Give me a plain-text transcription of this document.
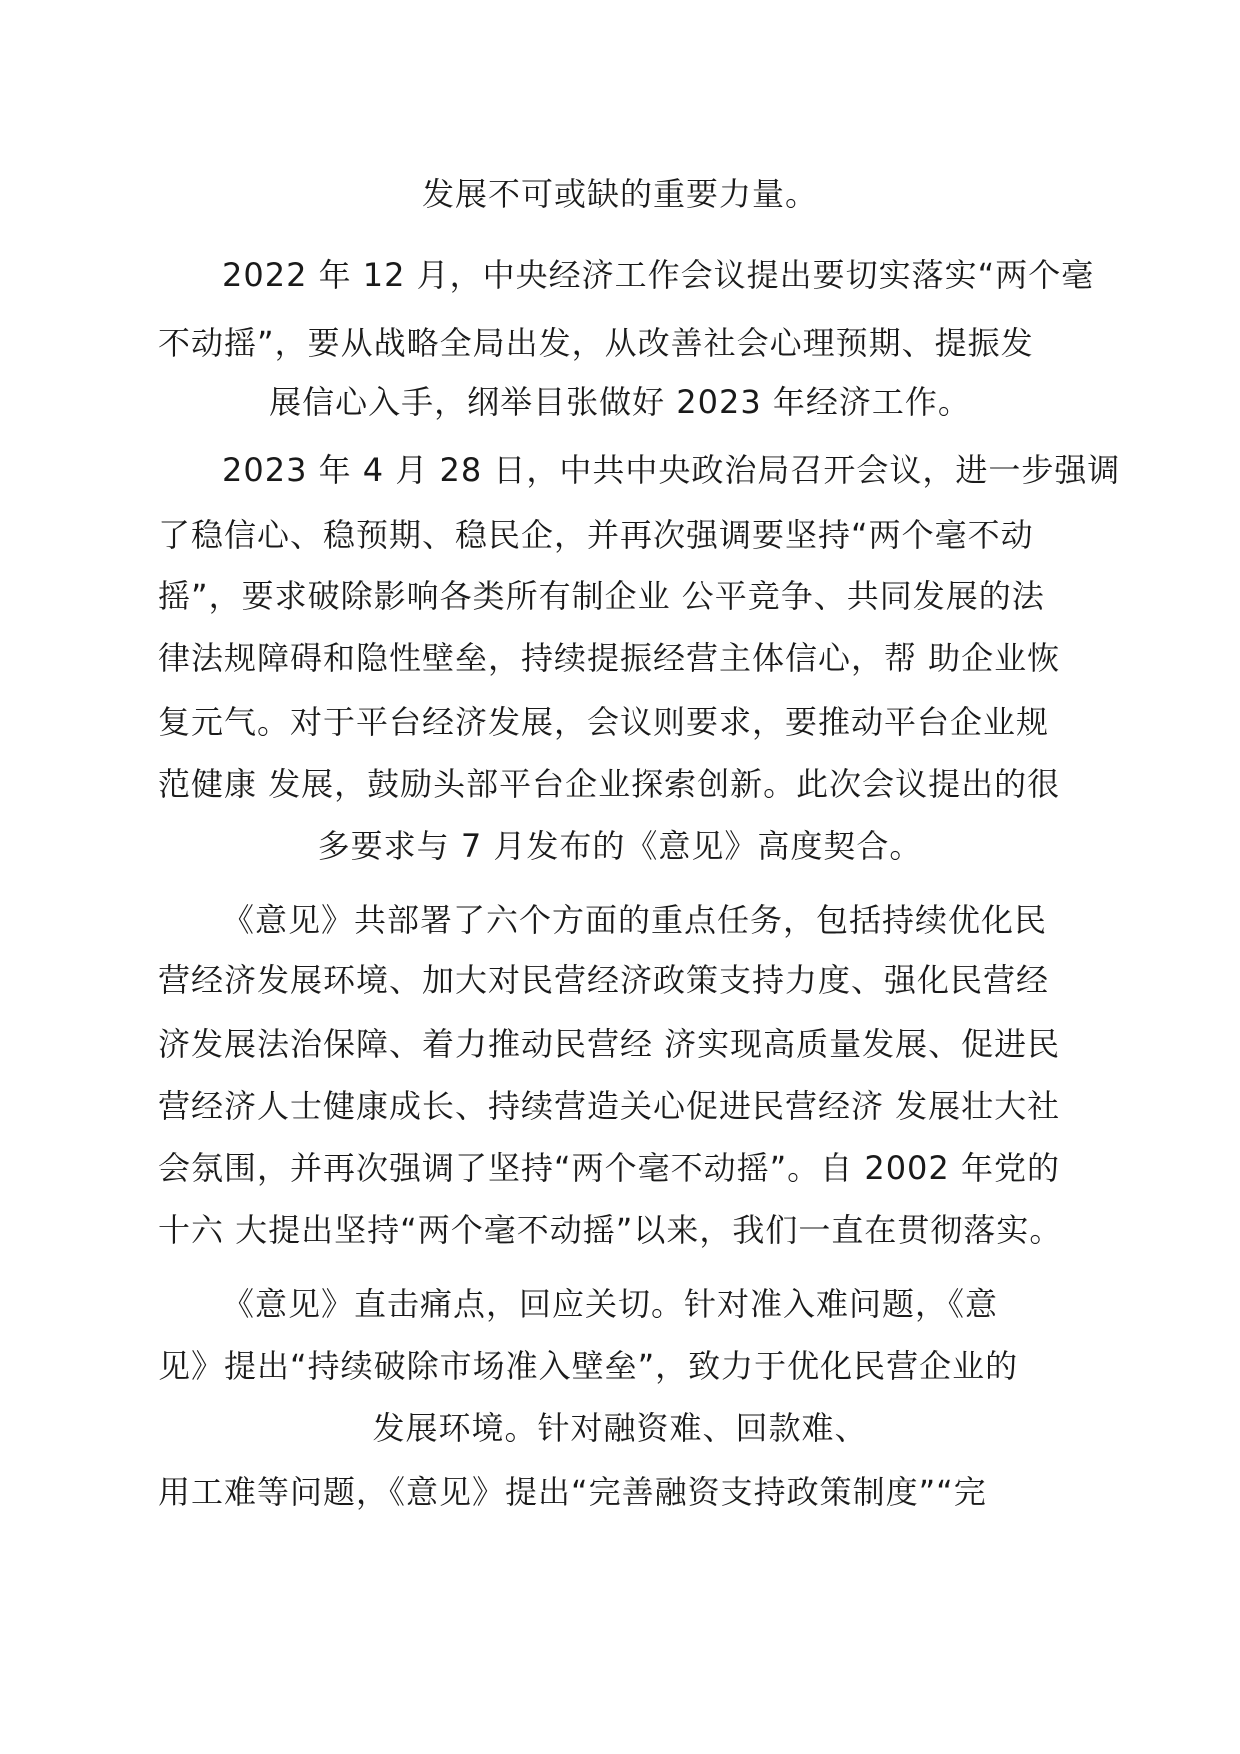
发展不可或缺的重要力量。
2022 年 12 月，中央经济工作会议提出要切实落实“两个毫
不动摇”，要从战略全局出发，从改善社会心理预期、提振发
展信心入手，纲举目张做好 2023 年经济工作。
2023 年 4 月 28 日，中共中央政治局召开会议，进一步强调
了稳信心、稳预期、稳民企，并再次强调要坚持“两个毫不动
摇”，要求破除影响各类所有制企业 公平竞争、共同发展的法
律法规障碍和隐性壁垒，持续提振经营主体信心，帮 助企业恢
复元气。对于平台经济发展，会议则要求，要推动平台企业规
范健康 发展，鼓励头部平台企业探索创新。此次会议提出的很
多要求与 7 月发布的《意见》高度契合。
《意见》共部署了六个方面的重点任务，包括持续优化民
营经济发展环境、加大对民营经济政策支持力度、强化民营经
济发展法治保障、着力推动民营经 济实现高质量发展、促进民
营经济人士健康成长、持续营造关心促进民营经济 发展壮大社
会氛围，并再次强调了坚持“两个毫不动摇”。自 2002 年党的
十六 大提出坚持“两个毫不动摇”以来，我们一直在贯彻落实。
《意见》直击痛点，回应关切。针对准入难问题，《意
见》提出“持续破除市场准入壁垒”，致力于优化民营企业的
发展环境。针对融资难、回款难、
用工难等问题，《意见》提出“完善融资支持政策制度”“完
